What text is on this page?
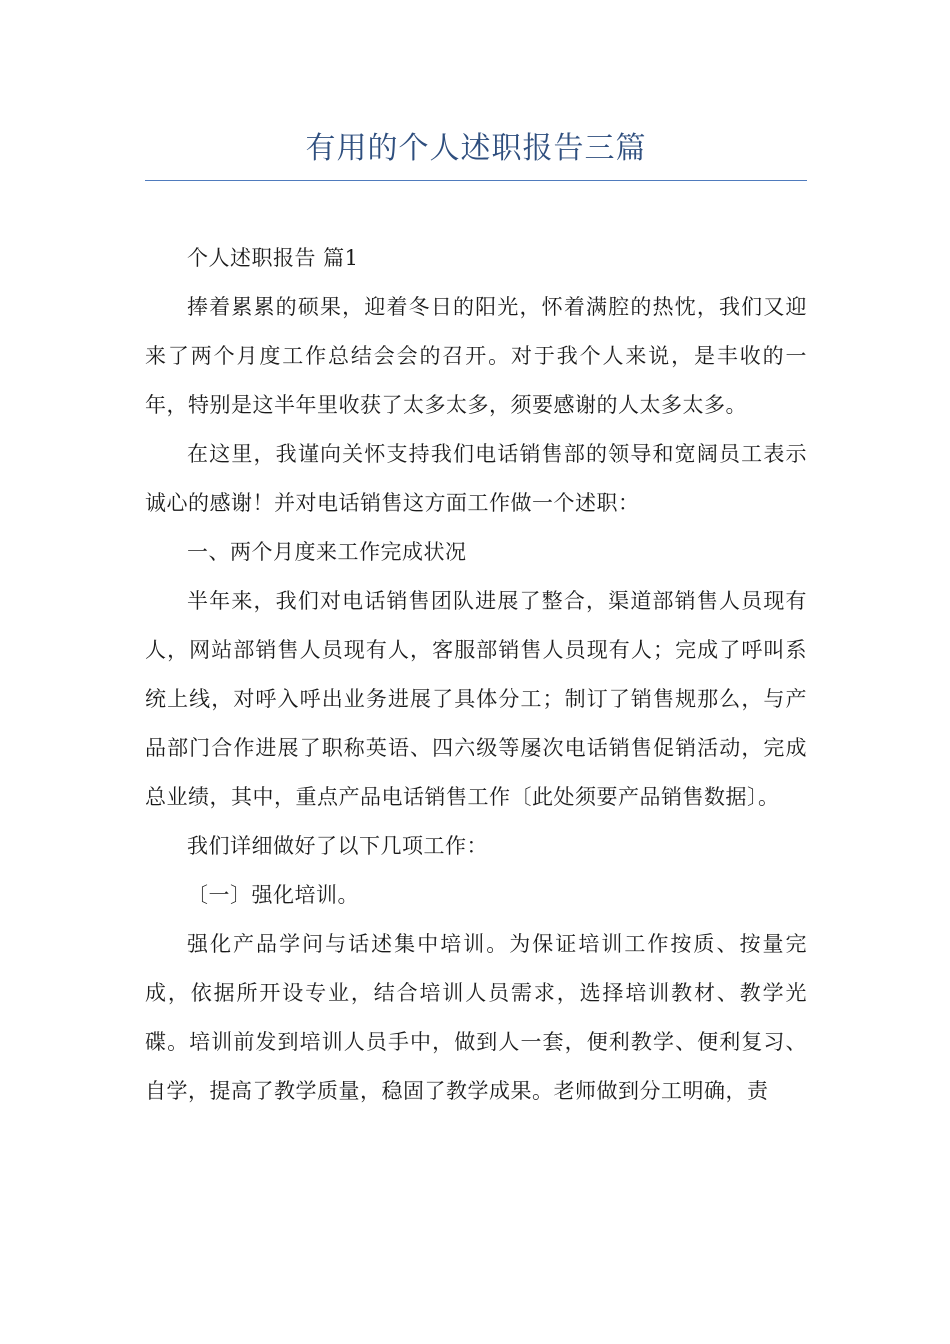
有用的个人述职报告三篇

个人述职报告 篇1

捧着累累的硕果，迎着冬日的阳光，怀着满腔的热忱，我们又迎来了两个月度工作总结会会的召开。对于我个人来说，是丰收的一年，特别是这半年里收获了太多太多，须要感谢的人太多太多。

在这里，我谨向关怀支持我们电话销售部的领导和宽阔员工表示诚心的感谢！并对电话销售这方面工作做一个述职：

一、两个月度来工作完成状况

半年来，我们对电话销售团队进展了整合，渠道部销售人员现有人，网站部销售人员现有人，客服部销售人员现有人；完成了呼叫系统上线，对呼入呼出业务进展了具体分工；制订了销售规那么，与产品部门合作进展了职称英语、四六级等屡次电话销售促销活动，完成总业绩，其中，重点产品电话销售工作〔此处须要产品销售数据〕。

我们详细做好了以下几项工作：

〔一〕强化培训。

强化产品学问与话述集中培训。为保证培训工作按质、按量完成，依据所开设专业，结合培训人员需求，选择培训教材、教学光碟。培训前发到培训人员手中，做到人一套，便利教学、便利复习、自学，提高了教学质量，稳固了教学成果。老师做到分工明确，责
